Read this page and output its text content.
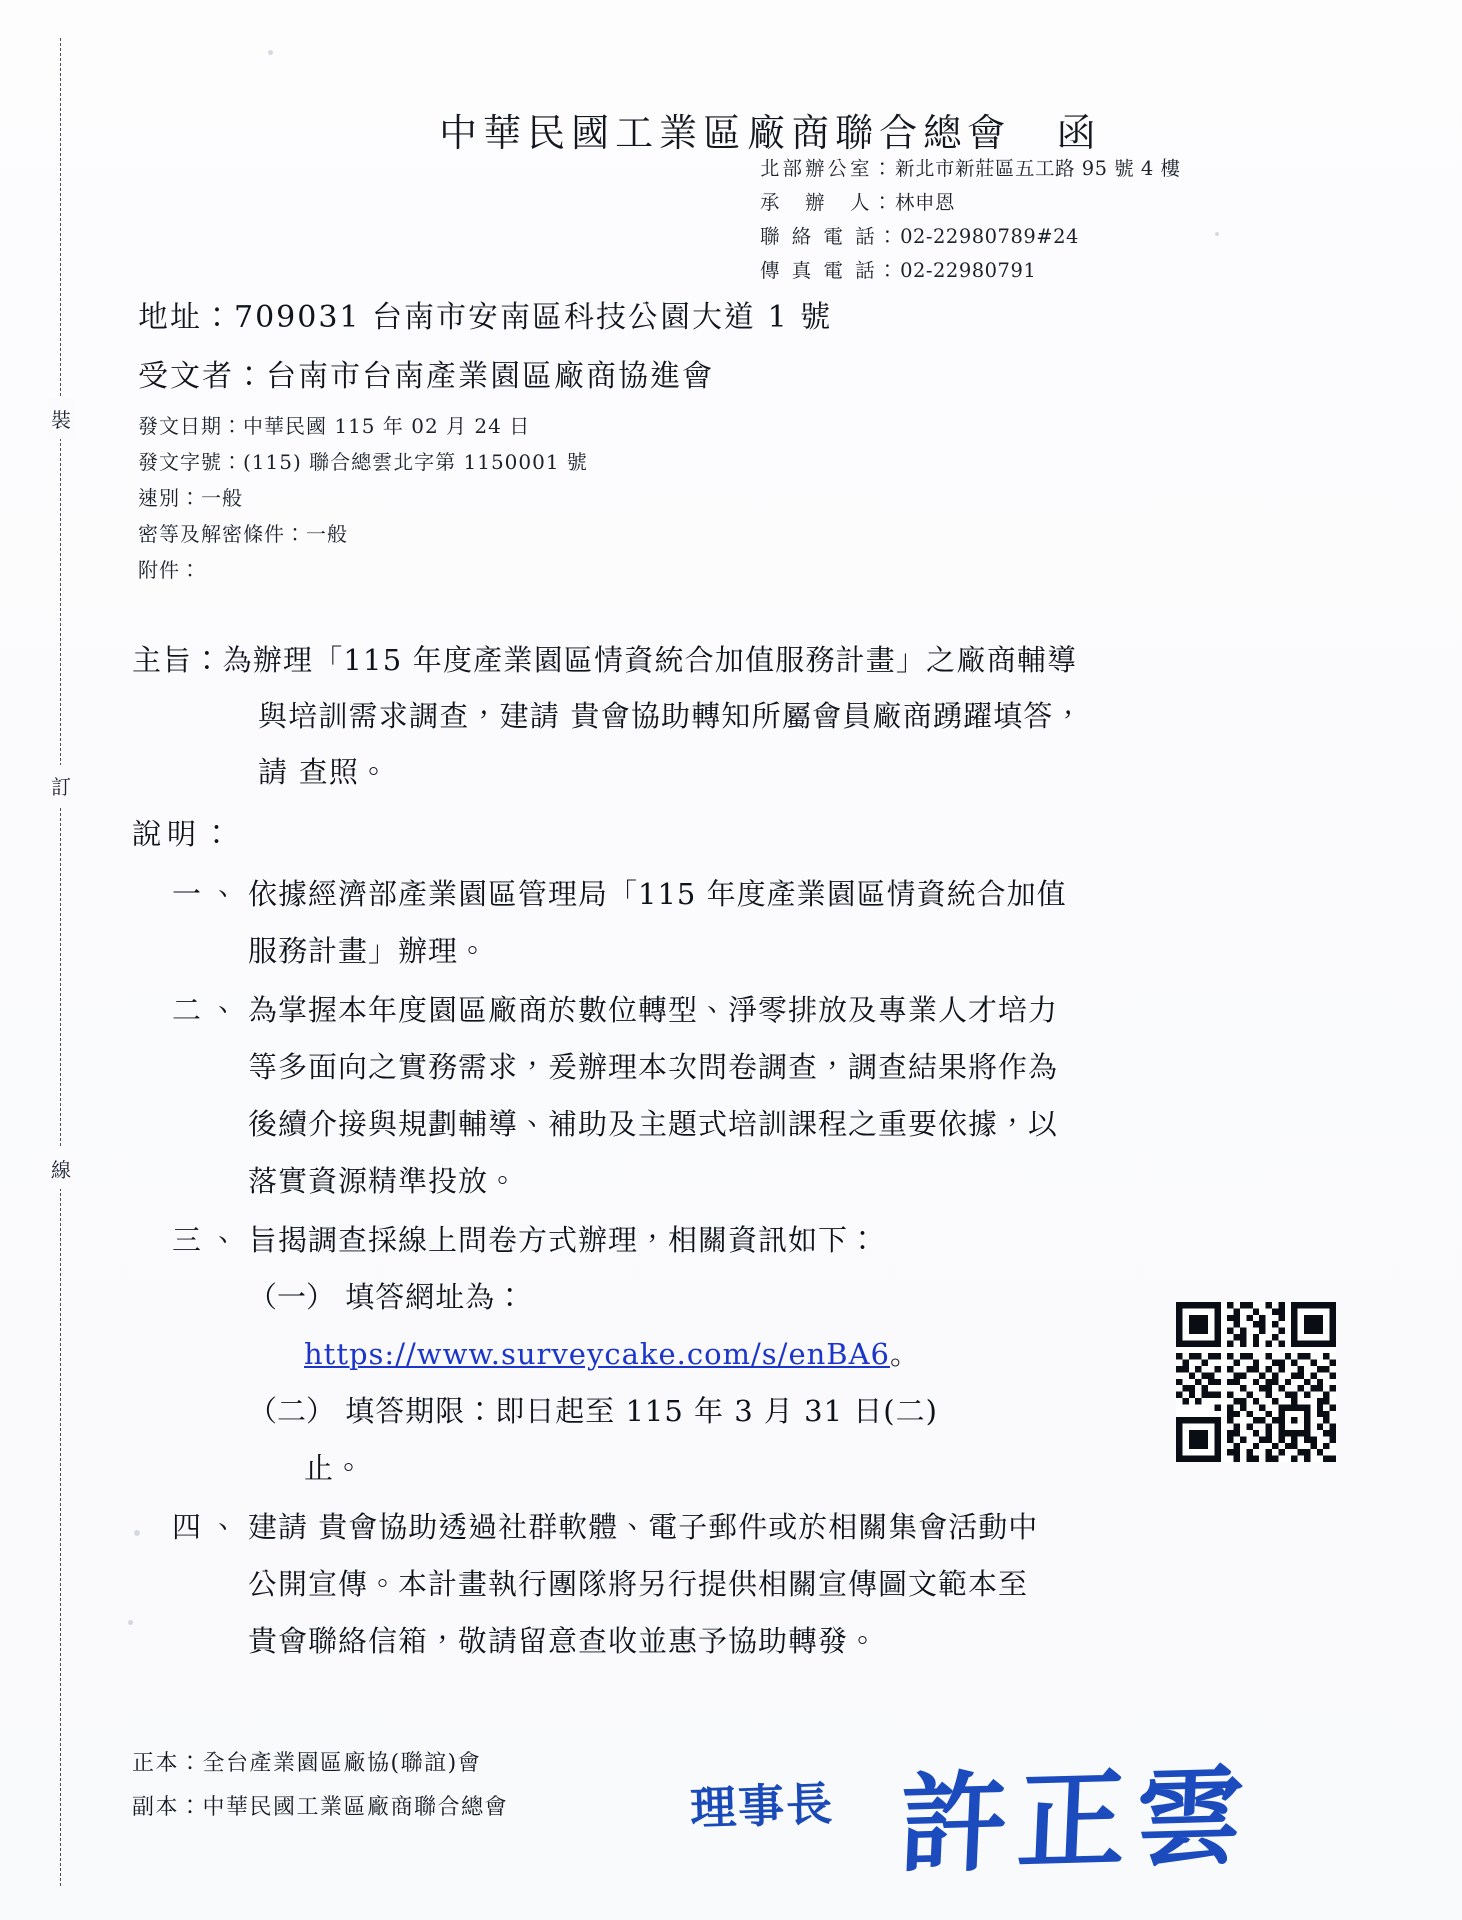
裝
訂
線

中華民國工業區廠商聯合總會 函

北部辦公室：新北市新莊區五工路 95 號 4 樓
承　辦　人：林申恩
聯 絡 電 話：02-22980789#24
傳 真 電 話：02-22980791
地址：709031 台南市安南區科技公園大道 1 號
受文者：台南市台南產業園區廠商協進會
發文日期：中華民國 115 年 02 月 24 日
發文字號：(115) 聯合總雲北字第 1150001 號
速別：一般
密等及解密條件：一般
附件：
主旨：為辦理「115 年度產業園區情資統合加值服務計畫」之廠商輔導
與培訓需求調查，建請 貴會協助轉知所屬會員廠商踴躍填答，
請 查照。
說明：
一、 依據經濟部產業園區管理局「115 年度產業園區情資統合加值

服務計畫」辦理。

二、 為掌握本年度園區廠商於數位轉型、淨零排放及專業人才培力

等多面向之實務需求，爰辦理本次問卷調查，調查結果將作為

後續介接與規劃輔導、補助及主題式培訓課程之重要依據，以

落實資源精準投放。

三、 旨揭調查採線上問卷方式辦理，相關資訊如下：

（一） 填答網址為：

https://www.surveycake.com/s/enBA6。

（二） 填答期限：即日起至 115 年 3 月 31 日(二)

止。

四、 建請 貴會協助透過社群軟體、電子郵件或於相關集會活動中

公開宣傳。本計畫執行團隊將另行提供相關宣傳圖文範本至

貴會聯絡信箱，敬請留意查收並惠予協助轉發。

正本：全台產業園區廠協(聯誼)會
副本：中華民國工業區廠商聯合總會	理事長 許正雲
